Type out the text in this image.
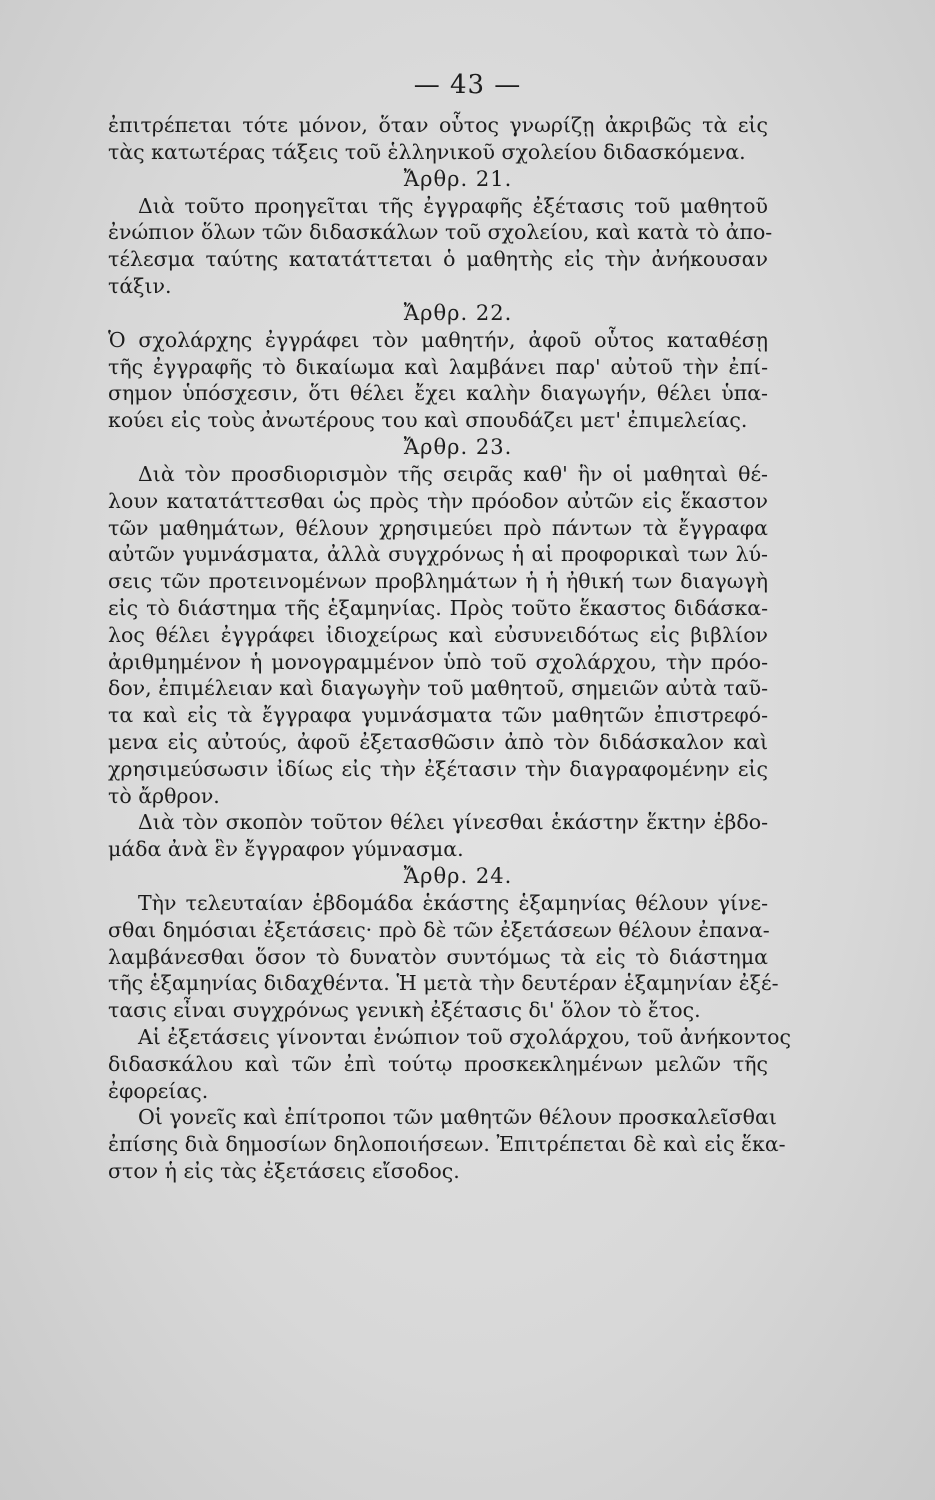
— 43 —
ἐπιτρέπεται τότε μόνον, ὅταν οὗτος γνωρίζῃ ἀκριβῶς τὰ εἰς
τὰς κατωτέρας τάξεις τοῦ ἑλληνικοῦ σχολείου διδασκόμενα.
Ἄρθρ. 21.
Διὰ τοῦτο προηγεῖται τῆς ἐγγραφῆς ἐξέτασις τοῦ μαθητοῦ
ἐνώπιον ὅλων τῶν διδασκάλων τοῦ σχολείου, καὶ κατὰ τὸ ἀπο-
τέλεσμα ταύτης κατατάττεται ὁ μαθητὴς εἰς τὴν ἀνήκουσαν
τάξιν.
Ἄρθρ. 22.
Ὁ σχολάρχης ἐγγράφει τὸν μαθητήν, ἀφοῦ οὗτος καταθέσῃ
τῆς ἐγγραφῆς τὸ δικαίωμα καὶ λαμβάνει παρ' αὐτοῦ τὴν ἐπί-
σημον ὑπόσχεσιν, ὅτι θέλει ἔχει καλὴν διαγωγήν, θέλει ὑπα-
κούει εἰς τοὺς ἀνωτέρους του καὶ σπουδάζει μετ' ἐπιμελείας.
Ἄρθρ. 23.
Διὰ τὸν προσδιορισμὸν τῆς σειρᾶς καθ' ἣν οἱ μαθηταὶ θέ-
λουν κατατάττεσθαι ὡς πρὸς τὴν πρόοδον αὐτῶν εἰς ἕκαστον
τῶν μαθημάτων, θέλουν χρησιμεύει πρὸ πάντων τὰ ἔγγραφα
αὐτῶν γυμνάσματα, ἀλλὰ συγχρόνως ἡ αἱ προφορικαὶ των λύ-
σεις τῶν προτεινομένων προβλημάτων ἡ ἡ ἠθική των διαγωγὴ
εἰς τὸ διάστημα τῆς ἑξαμηνίας. Πρὸς τοῦτο ἕκαστος διδάσκα-
λος θέλει ἐγγράφει ἰδιοχείρως καὶ εὐσυνειδότως εἰς βιβλίον
ἀριθμημένον ἡ μονογραμμένον ὑπὸ τοῦ σχολάρχου, τὴν πρόο-
δον, ἐπιμέλειαν καὶ διαγωγὴν τοῦ μαθητοῦ, σημειῶν αὐτὰ ταῦ-
τα καὶ εἰς τὰ ἔγγραφα γυμνάσματα τῶν μαθητῶν ἐπιστρεφό-
μενα εἰς αὐτούς, ἀφοῦ ἐξετασθῶσιν ἀπὸ τὸν διδάσκαλον καὶ
χρησιμεύσωσιν ἰδίως εἰς τὴν ἐξέτασιν τὴν διαγραφομένην εἰς
τὸ ἄρθρον.
Διὰ τὸν σκοπὸν τοῦτον θέλει γίνεσθαι ἑκάστην ἕκτην ἑβδο-
μάδα ἀνὰ ἓν ἔγγραφον γύμνασμα.
Ἄρθρ. 24.
Τὴν τελευταίαν ἑβδομάδα ἑκάστης ἑξαμηνίας θέλουν γίνε-
σθαι δημόσιαι ἐξετάσεις· πρὸ δὲ τῶν ἐξετάσεων θέλουν ἐπανα-
λαμβάνεσθαι ὅσον τὸ δυνατὸν συντόμως τὰ εἰς τὸ διάστημα
τῆς ἑξαμηνίας διδαχθέντα. Ἡ μετὰ τὴν δευτέραν ἑξαμηνίαν ἐξέ-
τασις εἶναι συγχρόνως γενικὴ ἐξέτασις δι' ὅλον τὸ ἔτος.
Αἱ ἐξετάσεις γίνονται ἐνώπιον τοῦ σχολάρχου, τοῦ ἀνήκοντος
διδασκάλου καὶ τῶν ἐπὶ τούτῳ προσκεκλημένων μελῶν τῆς
ἐφορείας.
Οἱ γονεῖς καὶ ἐπίτροποι τῶν μαθητῶν θέλουν προσκαλεῖσθαι
ἐπίσης διὰ δημοσίων δηλοποιήσεων. Ἐπιτρέπεται δὲ καὶ εἰς ἕκα-
στον ἡ εἰς τὰς ἐξετάσεις εἴσοδος.
